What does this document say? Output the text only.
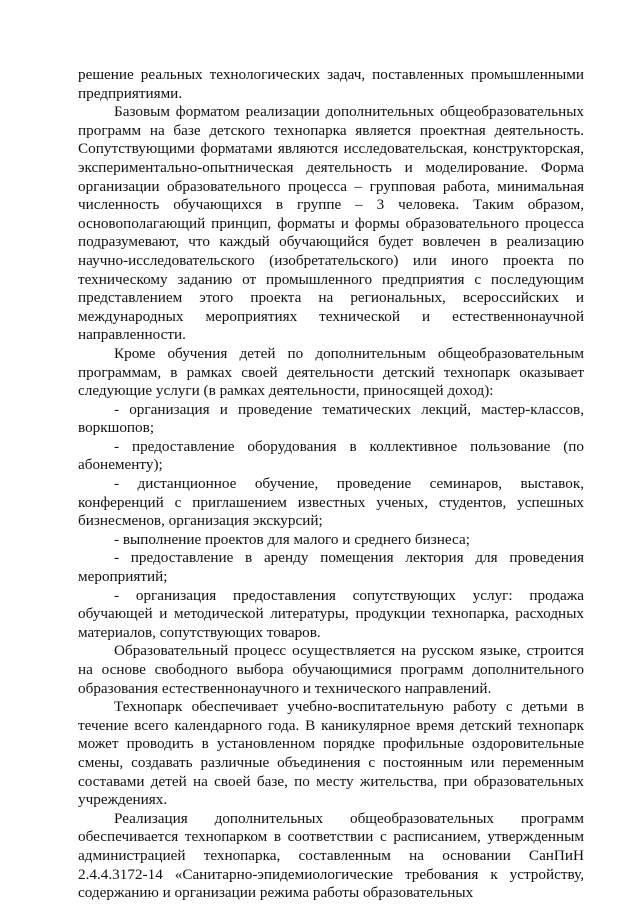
решение реальных технологических задач, поставленных промышленными предприятиями.

Базовым форматом реализации дополнительных общеобразовательных программ на базе детского технопарка является проектная деятельность. Сопутствующими форматами являются исследовательская, конструкторская, экспериментально-опытническая деятельность и моделирование. Форма организации образовательного процесса – групповая работа, минимальная численность обучающихся в группе – 3 человека. Таким образом, основополагающий принцип, форматы и формы образовательного процесса подразумевают, что каждый обучающийся будет вовлечен в реализацию научно-исследовательского (изобретательского) или иного проекта по техническому заданию от промышленного предприятия с последующим представлением этого проекта на региональных, всероссийских и международных мероприятиях технической и естественнонаучной направленности.

Кроме обучения детей по дополнительным общеобразовательным программам, в рамках своей деятельности детский технопарк оказывает следующие услуги (в рамках деятельности, приносящей доход):

- организация и проведение тематических лекций, мастер-классов, воркшопов;

- предоставление оборудования в коллективное пользование (по абонементу);

- дистанционное обучение, проведение семинаров, выставок, конференций с приглашением известных ученых, студентов, успешных бизнесменов, организация экскурсий;

- выполнение проектов для малого и среднего бизнеса;

- предоставление в аренду помещения лектория для проведения мероприятий;

- организация предоставления сопутствующих услуг: продажа обучающей и методической литературы, продукции технопарка, расходных материалов, сопутствующих товаров.

Образовательный процесс осуществляется на русском языке, строится на основе свободного выбора обучающимися программ дополнительного образования естественнонаучного и технического направлений.

Технопарк обеспечивает учебно-воспитательную работу с детьми в течение всего календарного года. В каникулярное время детский технопарк может проводить в установленном порядке профильные оздоровительные смены, создавать различные объединения с постоянным или переменным составами детей на своей базе, по месту жительства, при образовательных учреждениях.

Реализация дополнительных общеобразовательных программ обеспечивается технопарком в соответствии с расписанием, утвержденным администрацией технопарка, составленным на основании СанПиН 2.4.4.3172-14 «Санитарно-эпидемиологические требования к устройству, содержанию и организации режима работы образовательных
